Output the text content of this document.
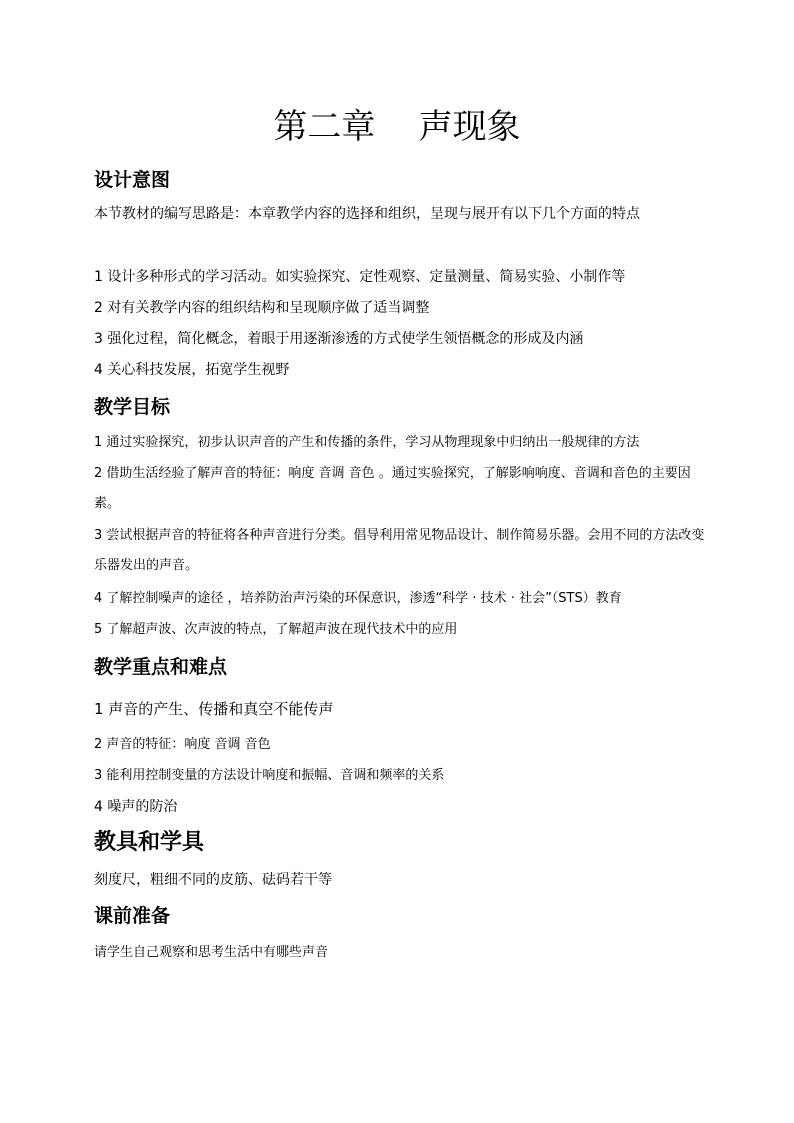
第二章    声现象
设计意图

本节教材的编写思路是：本章教学内容的选择和组织，呈现与展开有以下几个方面的特点

1 设计多种形式的学习活动。如实验探究、定性观察、定量测量、简易实验、小制作等

2 对有关教学内容的组织结构和呈现顺序做了适当调整

3 强化过程，简化概念，着眼于用逐渐渗透的方式使学生领悟概念的形成及内涵

4 关心科技发展，拓宽学生视野

教学目标

1 通过实验探究，初步认识声音的产生和传播的条件，学习从物理现象中归纳出一般规律的方法

2 借助生活经验了解声音的特征：响度 音调 音色 。通过实验探究，了解影响响度、音调和音色的主要因素。

3 尝试根据声音的特征将各种声音进行分类。倡导利用常见物品设计、制作简易乐器。会用不同的方法改变乐器发出的声音。

4 了解控制噪声的途径 ，培养防治声污染的环保意识，渗透“科学 · 技术 · 社会”（STS）教育

5 了解超声波、次声波的特点，了解超声波在现代技术中的应用

教学重点和难点

1 声音的产生、传播和真空不能传声

2 声音的特征：响度 音调 音色

3 能利用控制变量的方法设计响度和振幅、音调和频率的关系

4 噪声的防治

教具和学具

刻度尺，粗细不同的皮筋、砝码若干等

课前准备

请学生自己观察和思考生活中有哪些声音
